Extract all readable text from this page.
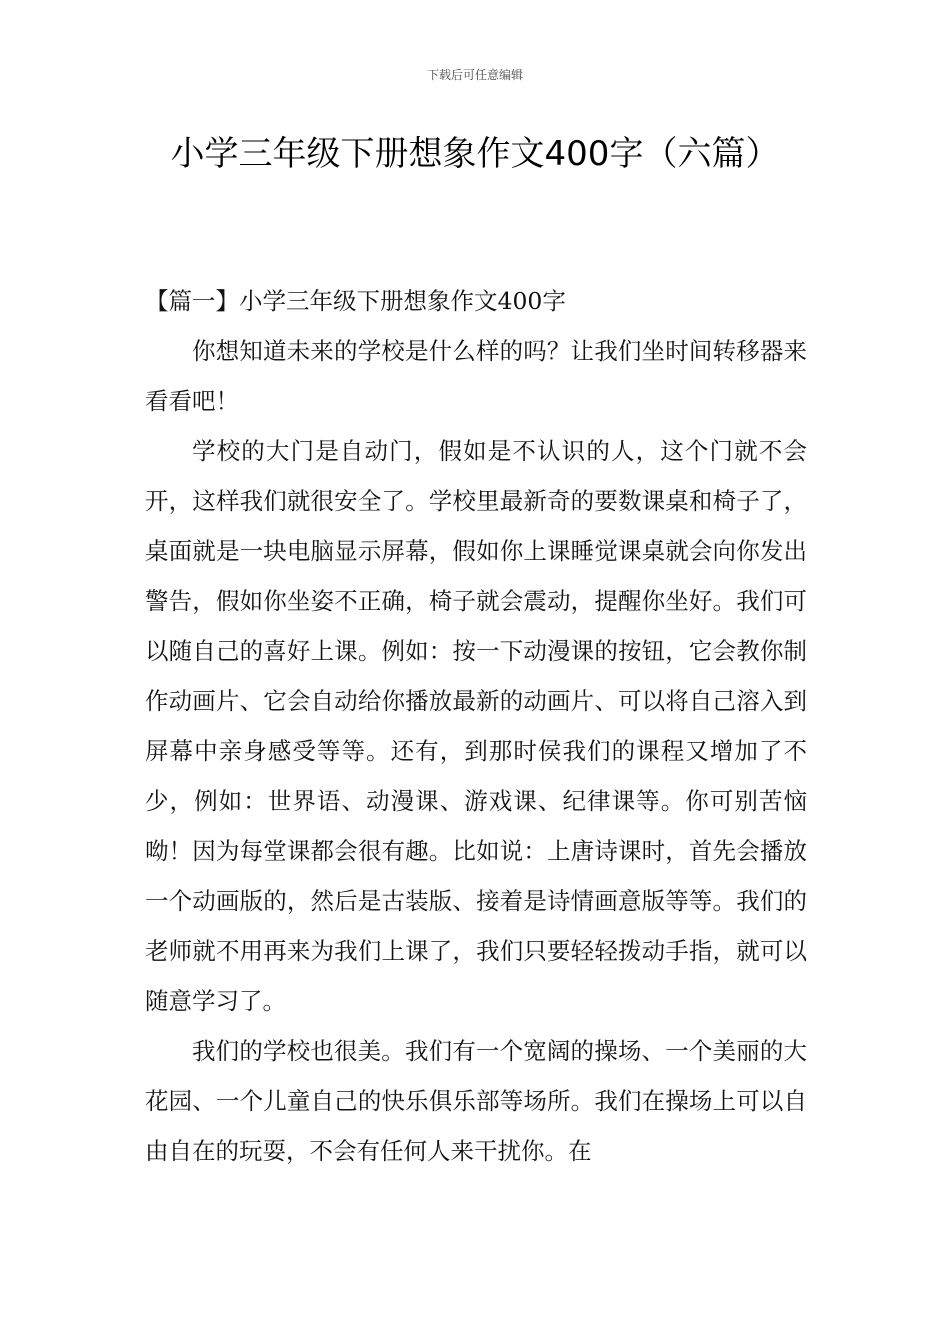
下载后可任意编辑
小学三年级下册想象作文400字（六篇）

【篇一】小学三年级下册想象作文400字

你想知道未来的学校是什么样的吗？让我们坐时间转移器来看看吧！

学校的大门是自动门，假如是不认识的人，这个门就不会开，这样我们就很安全了。学校里最新奇的要数课桌和椅子了，桌面就是一块电脑显示屏幕，假如你上课睡觉课桌就会向你发出警告，假如你坐姿不正确，椅子就会震动，提醒你坐好。我们可以随自己的喜好上课。例如：按一下动漫课的按钮，它会教你制作动画片、它会自动给你播放最新的动画片、可以将自己溶入到屏幕中亲身感受等等。还有，到那时侯我们的课程又增加了不少，例如：世界语、动漫课、游戏课、纪律课等。你可别苦恼呦！因为每堂课都会很有趣。比如说：上唐诗课时，首先会播放一个动画版的，然后是古装版、接着是诗情画意版等等。我们的老师就不用再来为我们上课了，我们只要轻轻拨动手指，就可以随意学习了。

我们的学校也很美。我们有一个宽阔的操场、一个美丽的大花园、一个儿童自己的快乐俱乐部等场所。我们在操场上可以自由自在的玩耍，不会有任何人来干扰你。在
